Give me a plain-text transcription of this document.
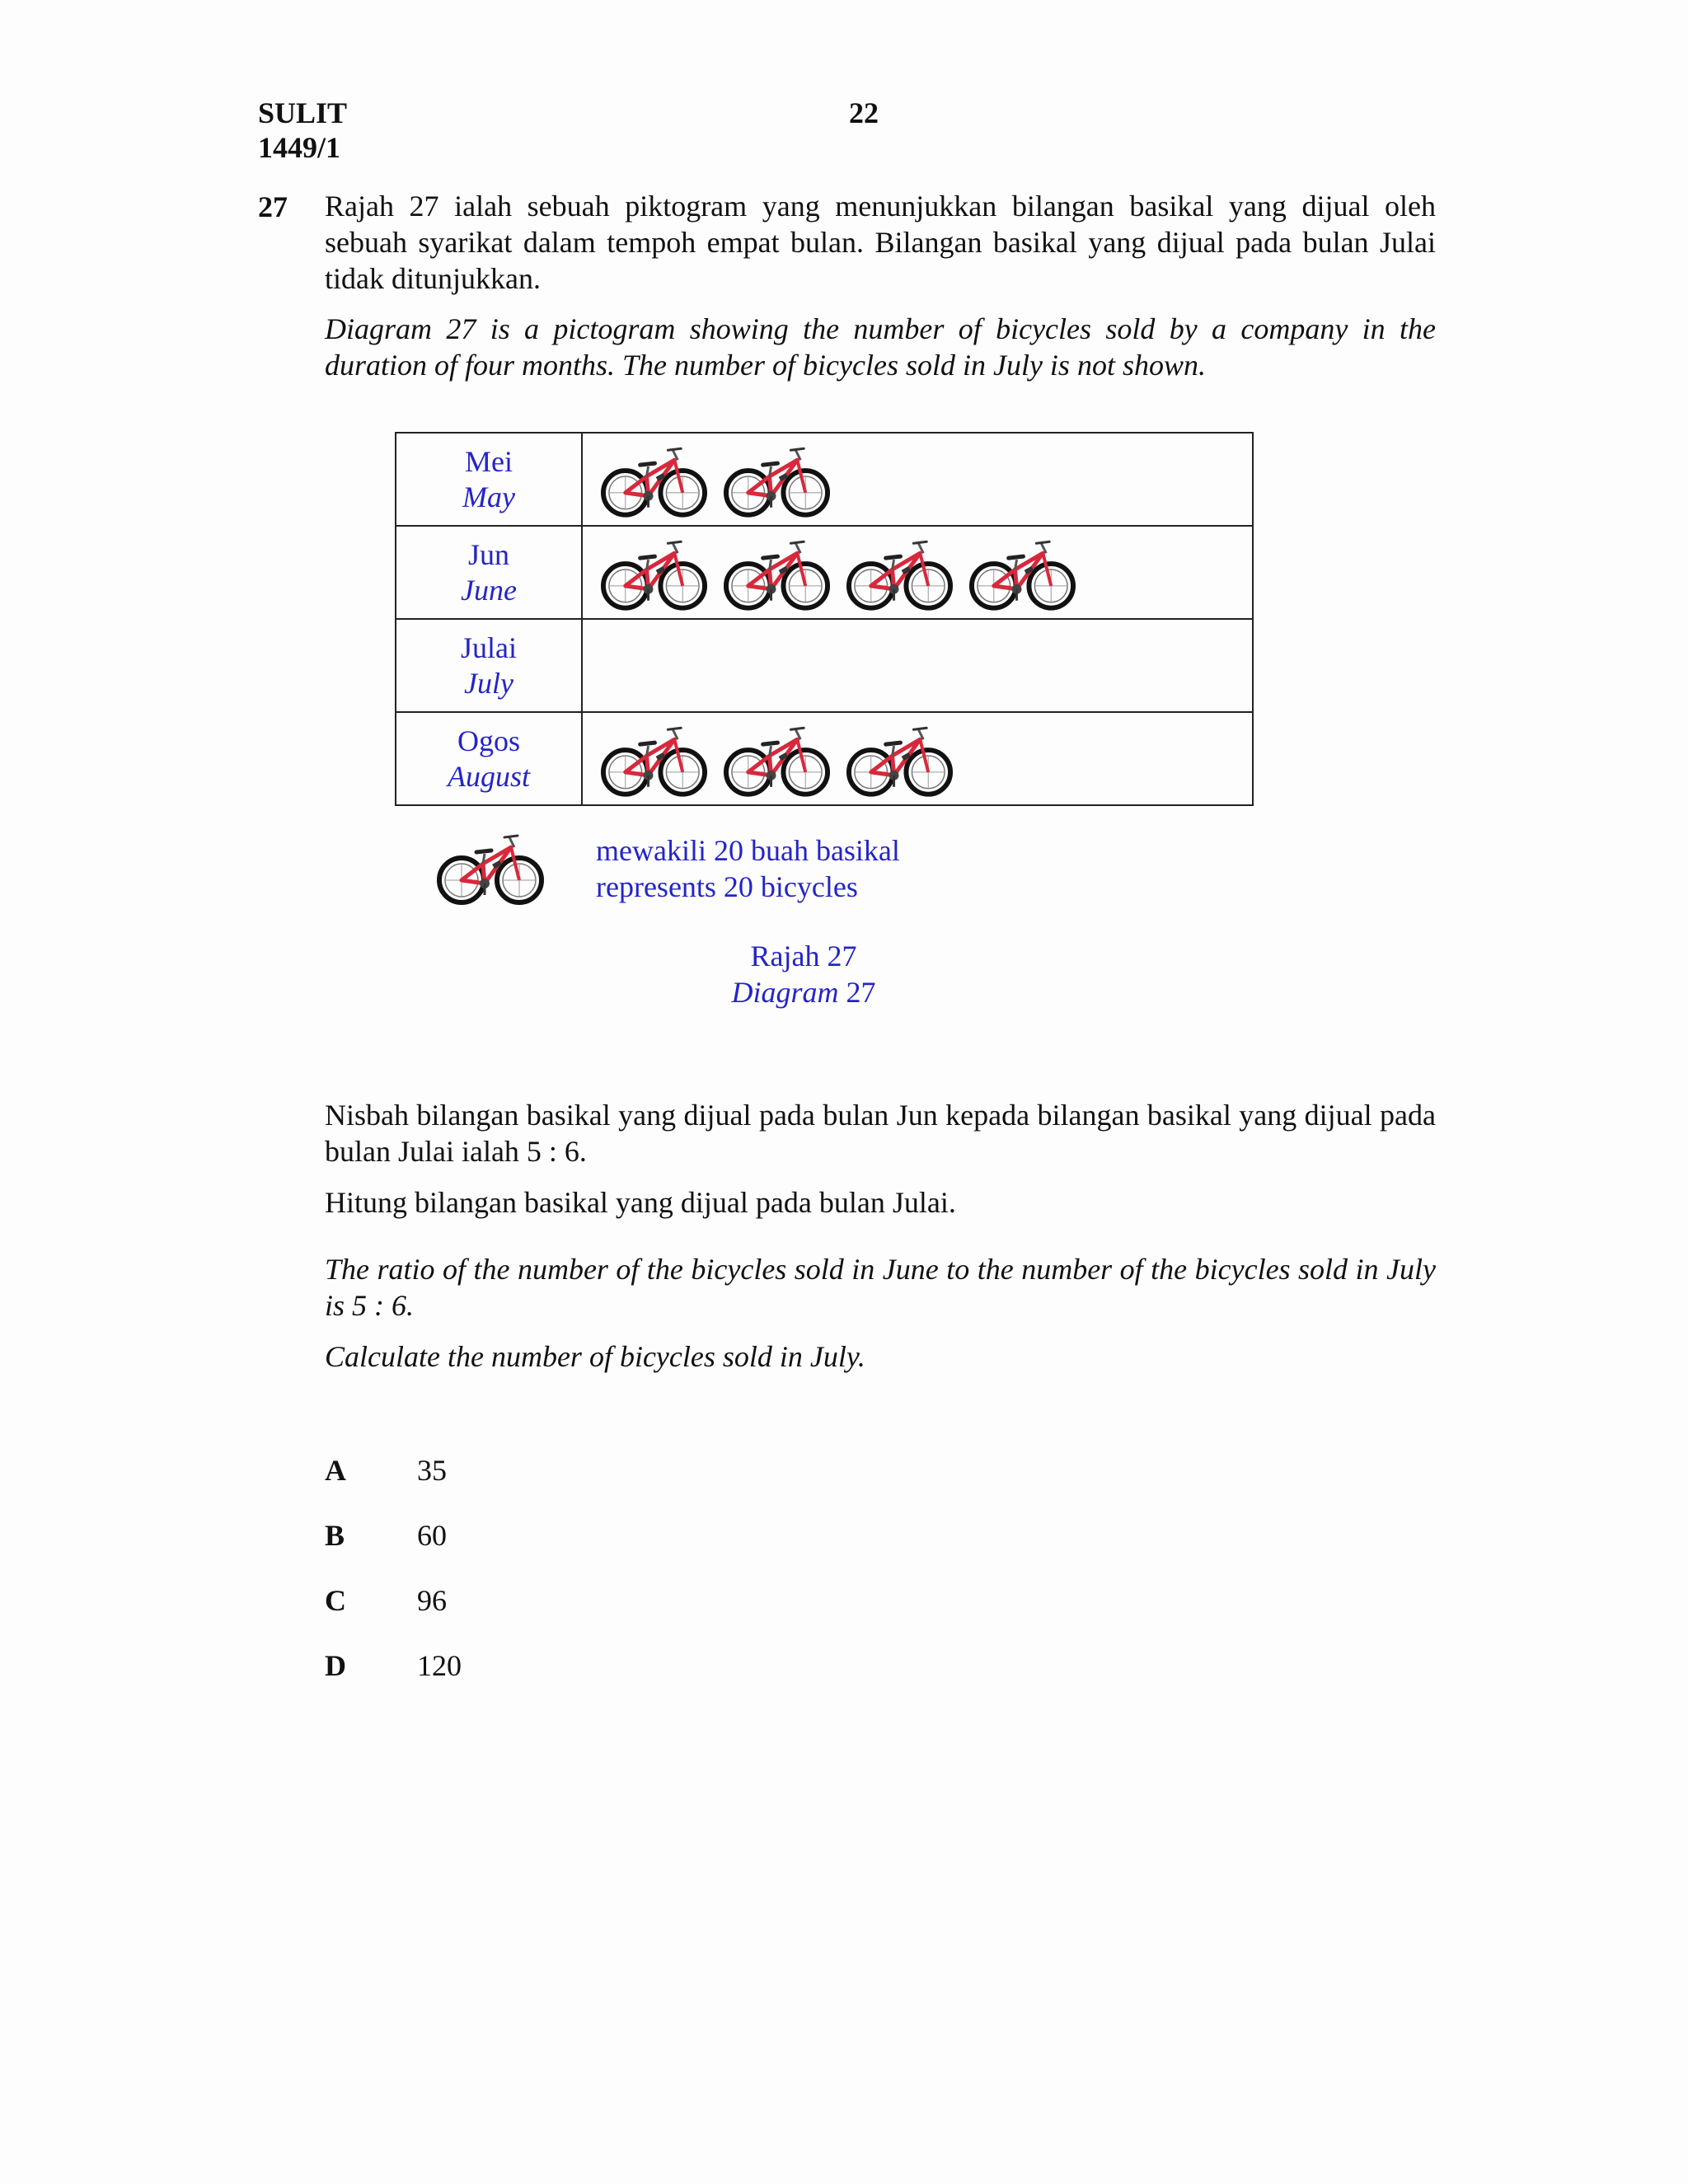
SULIT
1449/1
22
27 Rajah 27 ialah sebuah piktogram yang menunjukkan bilangan basikal yang dijual oleh sebuah syarikat dalam tempoh empat bulan. Bilangan basikal yang dijual pada bulan Julai tidak ditunjukkan.
Diagram 27 is a pictogram showing the number of bicycles sold by a company in the duration of four months. The number of bicycles sold in July is not shown.
Mei
May

Jun
June

Julai
July	

Ogos
August

mewakili 20 buah basikal
represents 20 bicycles
Rajah 27
Diagram 27
Nisbah bilangan basikal yang dijual pada bulan Jun kepada bilangan basikal yang dijual pada bulan Julai ialah 5 : 6.
Hitung bilangan basikal yang dijual pada bulan Julai.
The ratio of the number of the bicycles sold in June to the number of the bicycles sold in July is 5 : 6.
Calculate the number of bicycles sold in July.
A 35
B 60
C 96
D 120
